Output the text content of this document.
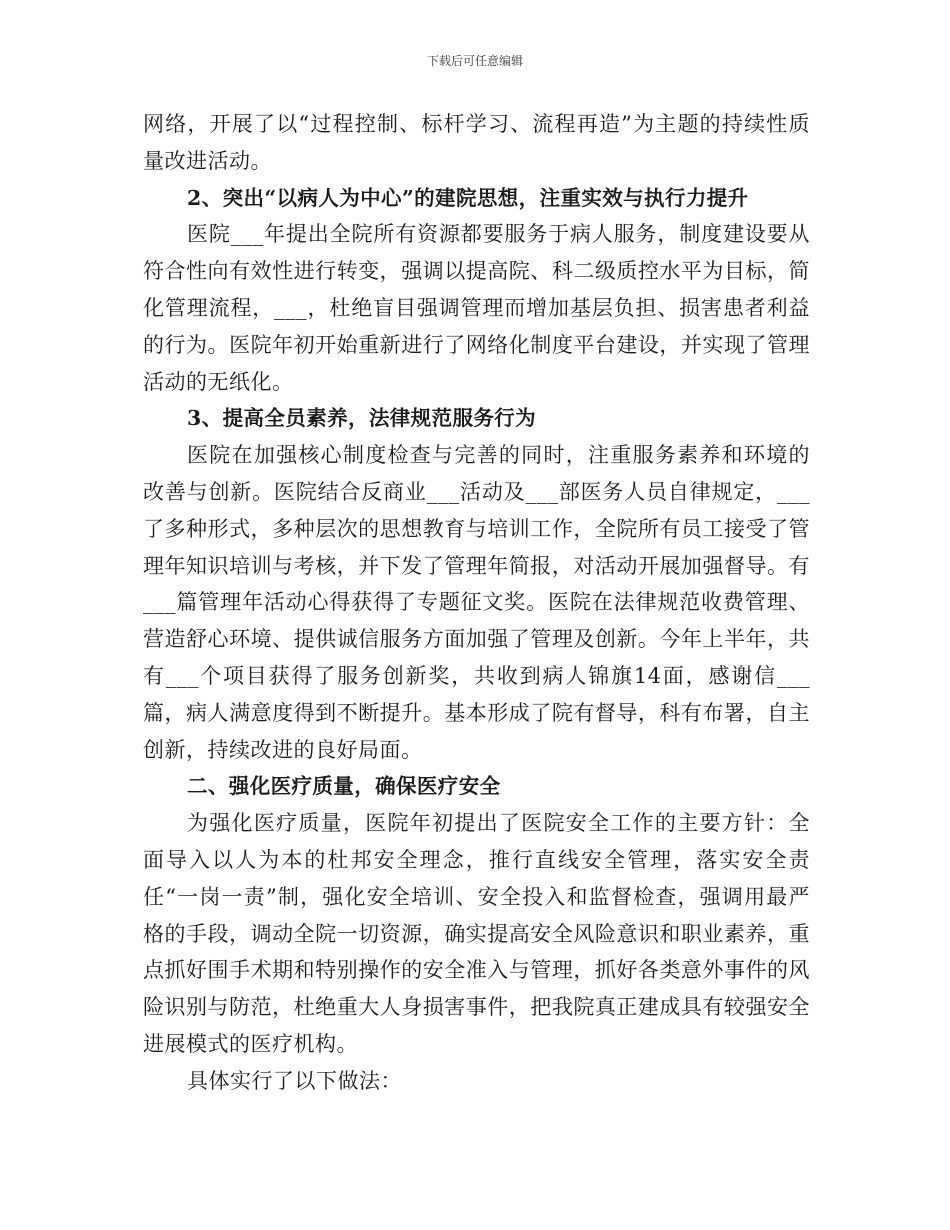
下载后可任意编辑

网络，开展了以“过程控制、标杆学习、流程再造”为主题的持续性质量改进活动。

2、突出“以病人为中心”的建院思想，注重实效与执行力提升

医院___年提出全院所有资源都要服务于病人服务，制度建设要从符合性向有效性进行转变，强调以提高院、科二级质控水平为目标，简化管理流程，___，杜绝盲目强调管理而增加基层负担、损害患者利益的行为。医院年初开始重新进行了网络化制度平台建设，并实现了管理活动的无纸化。

3、提高全员素养，法律规范服务行为

医院在加强核心制度检查与完善的同时，注重服务素养和环境的改善与创新。医院结合反商业___活动及___部医务人员自律规定，___了多种形式，多种层次的思想教育与培训工作，全院所有员工接受了管理年知识培训与考核，并下发了管理年简报，对活动开展加强督导。有___篇管理年活动心得获得了专题征文奖。医院在法律规范收费管理、营造舒心环境、提供诚信服务方面加强了管理及创新。今年上半年，共有___个项目获得了服务创新奖，共收到病人锦旗14面，感谢信___篇，病人满意度得到不断提升。基本形成了院有督导，科有布署，自主创新，持续改进的良好局面。

二、强化医疗质量，确保医疗安全

为强化医疗质量，医院年初提出了医院安全工作的主要方针：全面导入以人为本的杜邦安全理念，推行直线安全管理，落实安全责任“一岗一责”制，强化安全培训、安全投入和监督检查，强调用最严格的手段，调动全院一切资源，确实提高安全风险意识和职业素养，重点抓好围手术期和特别操作的安全准入与管理，抓好各类意外事件的风险识别与防范，杜绝重大人身损害事件，把我院真正建成具有较强安全进展模式的医疗机构。

具体实行了以下做法：
